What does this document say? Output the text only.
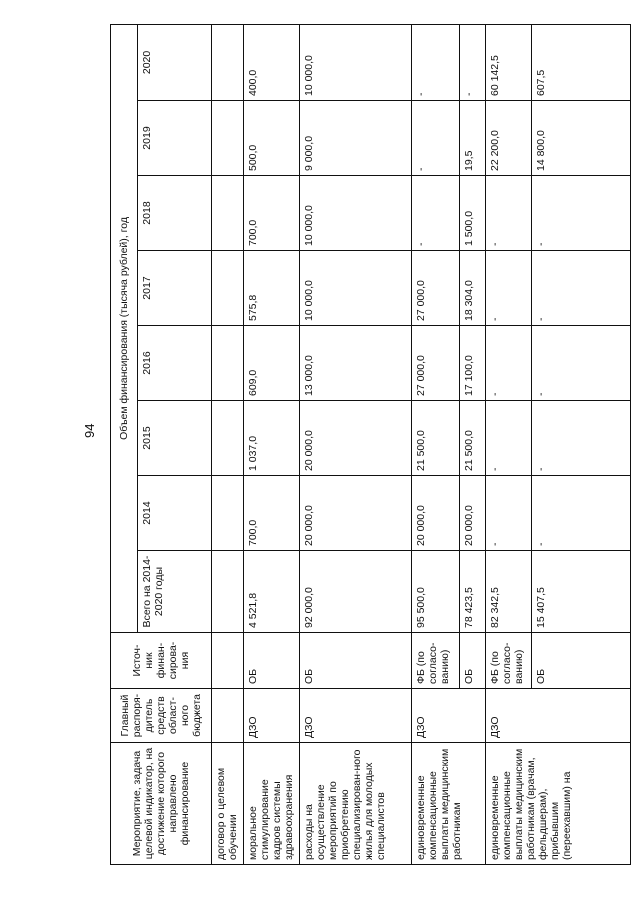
94
Мероприятие, задача целевой индикатор, на достижение которого направлено финансирование	Главный распоря-дитель средств област-ного бюджета	Источ-ник финан-сирова-ния	Объем финансирования (тысяча рублей), год							
			Всего на 2014-2020 годы	2014	2015	2016	2017	2018	2019	2020
договор о целевом обучении										
моральное стимулирование кадров системы здравоохранения	ДЗО	ОБ	4 521,8	700,0	1 037,0	609,0	575,8	700,0	500,0	400,0
расходы на осуществление мероприятий по приобретению специализирован-ного жилья для молодых специалистов	ДЗО	ОБ	92 000,0	20 000,0	20 000,0	13 000,0	10 000,0	10 000,0	9 000,0	10 000,0
единовременные компенсационные выплаты медицинским работникам	ДЗО	ФБ (по согласо-ванию)	95 500,0	20 000,0	21 500,0	27 000,0	27 000,0	-	-	-
		ОБ	78 423,5	20 000,0	21 500,0	17 100,0	18 304,0	1 500,0	19,5	-
единовременные компенсационные выплаты медицинским работникам (врачам, фельдшерам), прибывшим (переехавшим) на	ДЗО	ФБ (по согласо-ванию)	82 342,5	-	-	-	-	-	22 200,0	60 142,5
		ОБ	15 407,5	-	-	-	-	-	14 800,0	607,5
